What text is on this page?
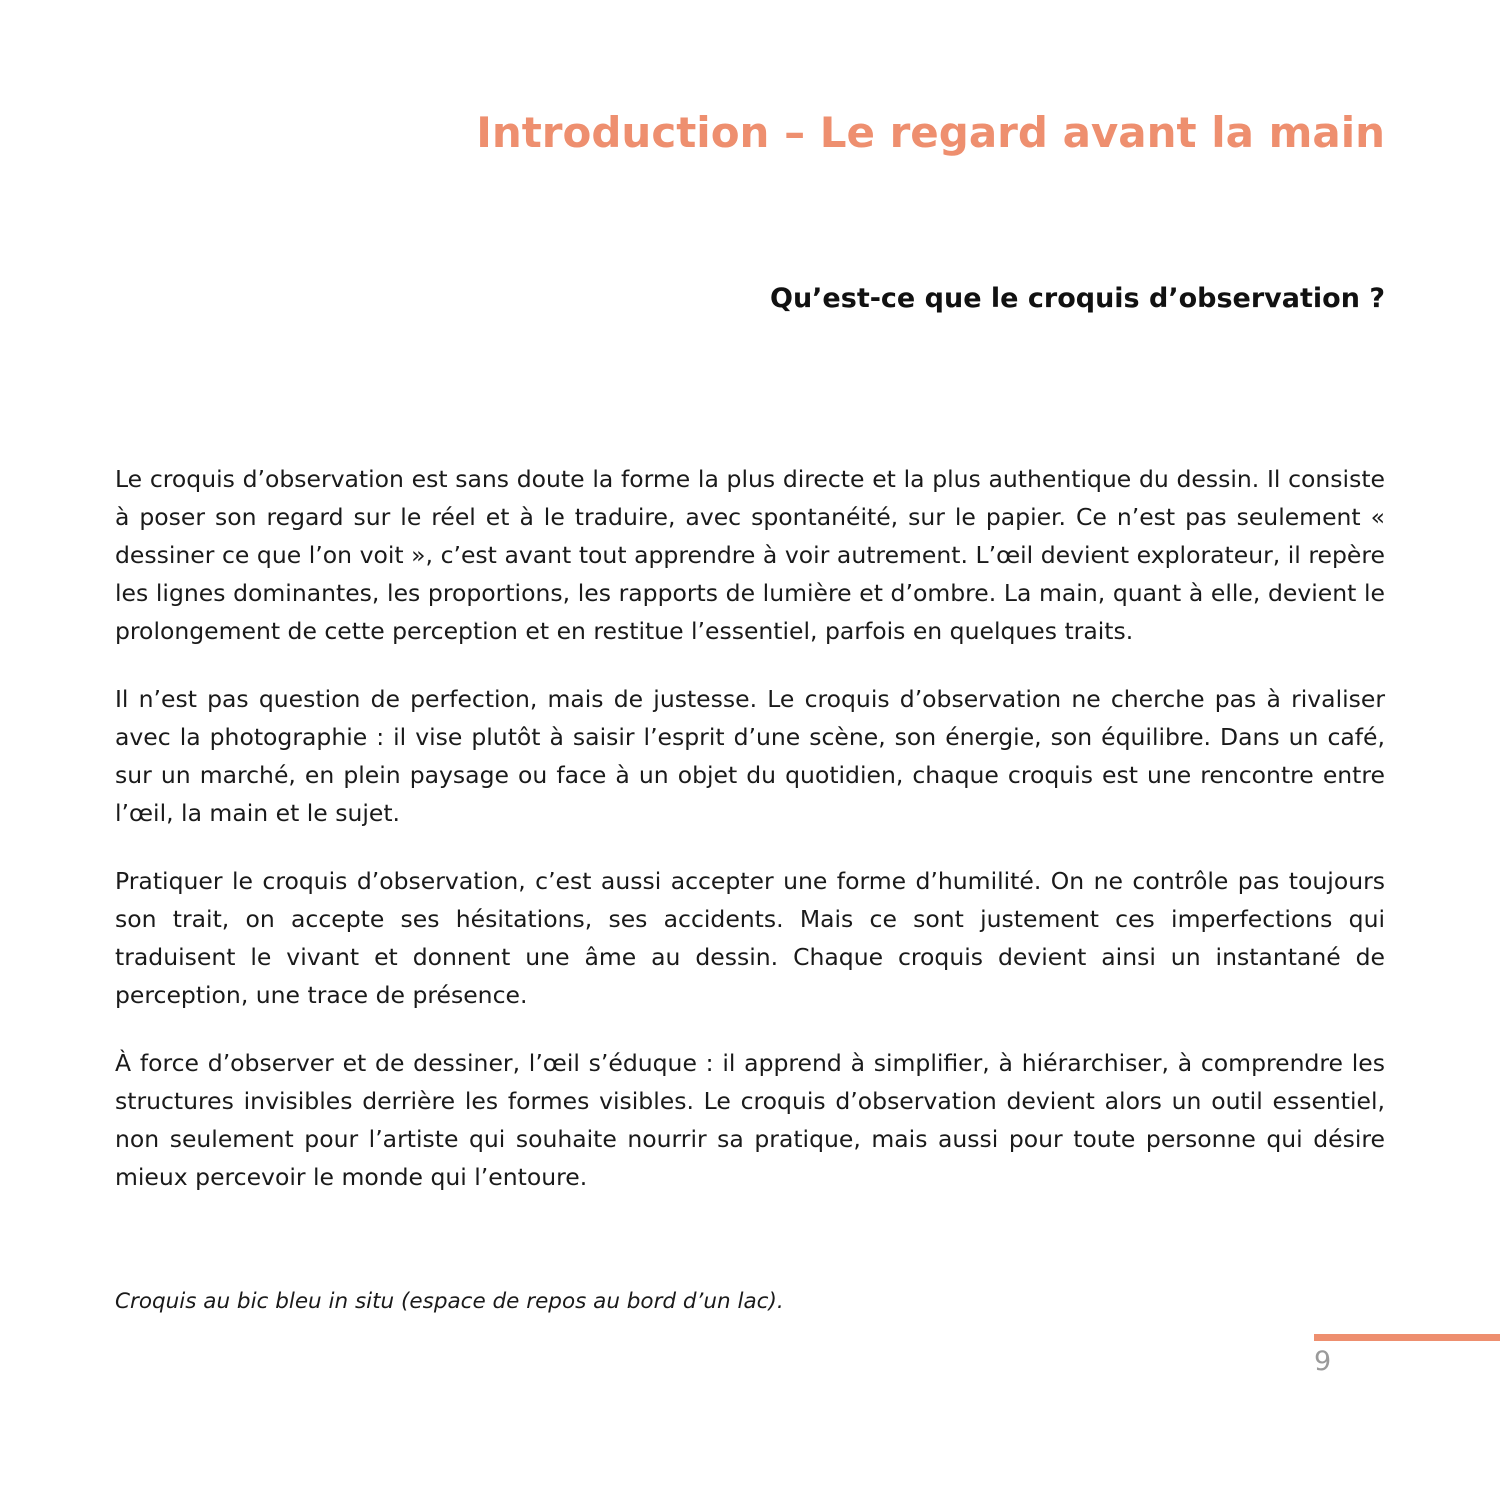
Introduction – Le regard avant la main
Qu’est-ce que le croquis d’observation ?

Le croquis d’observation est sans doute la forme la plus directe et la plus authentique du dessin. Il consiste à poser son regard sur le réel et à le traduire, avec spontanéité, sur le papier. Ce n’est pas seulement « dessiner ce que l’on voit », c’est avant tout apprendre à voir autrement. L’œil devient explorateur, il repère les lignes dominantes, les proportions, les rapports de lumière et d’ombre. La main, quant à elle, devient le prolongement de cette perception et en restitue l’essentiel, parfois en quelques traits.

Il n’est pas question de perfection, mais de justesse. Le croquis d’observation ne cherche pas à rivaliser avec la photographie : il vise plutôt à saisir l’esprit d’une scène, son énergie, son équilibre. Dans un café, sur un marché, en plein paysage ou face à un objet du quotidien, chaque croquis est une rencontre entre l’œil, la main et le sujet.

Pratiquer le croquis d’observation, c’est aussi accepter une forme d’humilité. On ne contrôle pas toujours son trait, on accepte ses hésitations, ses accidents. Mais ce sont justement ces imperfections qui traduisent le vivant et donnent une âme au dessin. Chaque croquis devient ainsi un instantané de perception, une trace de présence.

À force d’observer et de dessiner, l’œil s’éduque : il apprend à simplifier, à hiérarchiser, à comprendre les structures invisibles derrière les formes visibles. Le croquis d’observation devient alors un outil essentiel, non seulement pour l’artiste qui souhaite nourrir sa pratique, mais aussi pour toute personne qui désire mieux percevoir le monde qui l’entoure.

Croquis au bic bleu in situ (espace de repos au bord d’un lac).

9
